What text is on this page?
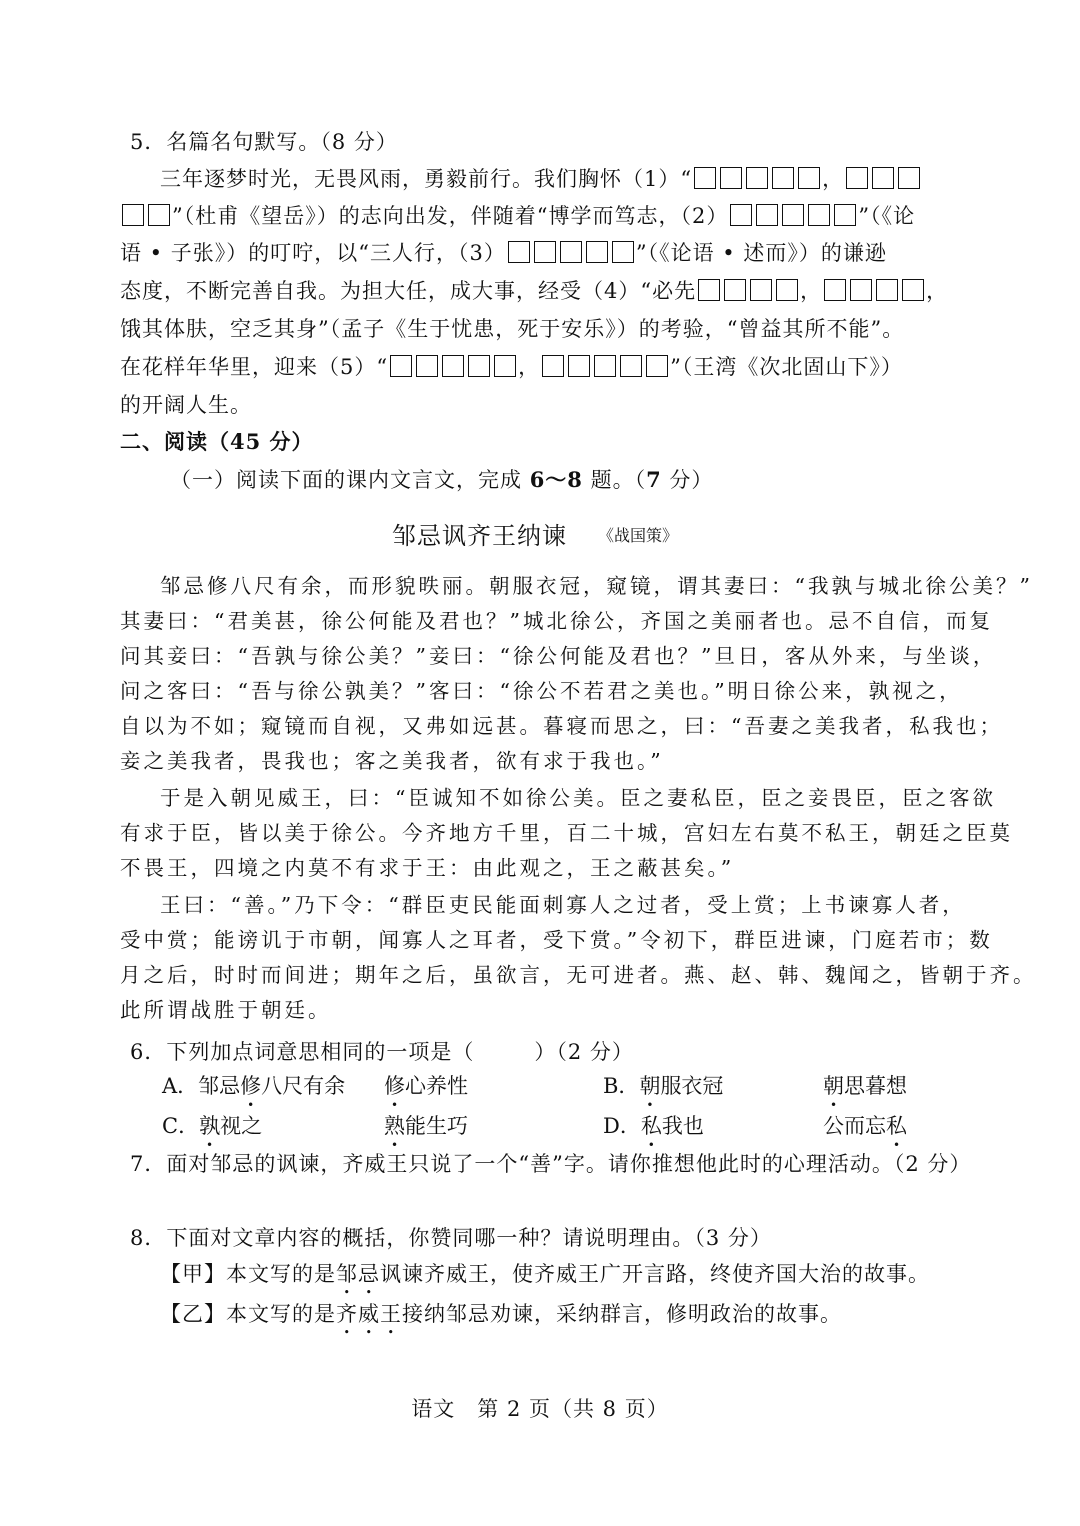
5．名篇名句默写。（8 分）
三年逐梦时光，无畏风雨，勇毅前行。我们胸怀（1）“	，
”（杜甫《望岳》）的志向出发，伴随着“博学而笃志，（2）	”（《论
语 • 子张》）的叮咛，以“三人行，（3）	”（《论语 • 述而》）的谦逊
态度，不断完善自我。为担大任，成大事，经受（4）“必先	，	，
饿其体肤，空乏其身”（孟子《生于忧患，死于安乐》）的考验，“曾益其所不能”。
在花样年华里，迎来（5）“	，	”（王湾《次北固山下》）
的开阔人生。
二、阅读（45 分）
（一）阅读下面的课内文言文，完成 6～8 题。（7 分）
邹忌讽齐王纳谏 《战国策》
邹忌修八尺有余，而形貌昳丽。朝服衣冠，窥镜，谓其妻曰：“我孰与城北徐公美？”
其妻曰：“君美甚，徐公何能及君也？”城北徐公，齐国之美丽者也。忌不自信，而复
问其妾曰：“吾孰与徐公美？”妾曰：“徐公何能及君也？”旦日，客从外来，与坐谈，
问之客曰：“吾与徐公孰美？”客曰：“徐公不若君之美也。”明日徐公来，孰视之，
自以为不如；窥镜而自视，又弗如远甚。暮寝而思之，曰：“吾妻之美我者，私我也；
妾之美我者，畏我也；客之美我者，欲有求于我也。”
于是入朝见威王，曰：“臣诚知不如徐公美。臣之妻私臣，臣之妾畏臣，臣之客欲
有求于臣，皆以美于徐公。今齐地方千里，百二十城，宫妇左右莫不私王，朝廷之臣莫
不畏王，四境之内莫不有求于王：由此观之，王之蔽甚矣。”
王曰：“善。”乃下令：“群臣吏民能面刺寡人之过者，受上赏；上书谏寡人者，
受中赏；能谤讥于市朝，闻寡人之耳者，受下赏。”令初下，群臣进谏，门庭若市；数
月之后，时时而间进；期年之后，虽欲言，无可进者。燕、赵、韩、魏闻之，皆朝于齐。
此所谓战胜于朝廷。
6．下列加点词意思相同的一项是（	）（2 分）
A．邹忌修八尺有余 修心养性	B．朝服衣冠	朝思暮想
C．孰视之	熟能生巧	D．私我也	公而忘私
7．面对邹忌的讽谏，齐威王只说了一个“善”字。请你推想他此时的心理活动。（2 分）
8．下面对文章内容的概括，你赞同哪一种？请说明理由。（3 分）
【甲】本文写的是邹忌讽谏齐威王，使齐威王广开言路，终使齐国大治的故事。
【乙】本文写的是齐威王接纳邹忌劝谏，采纳群言，修明政治的故事。
语文　第 2 页（共 8 页）
